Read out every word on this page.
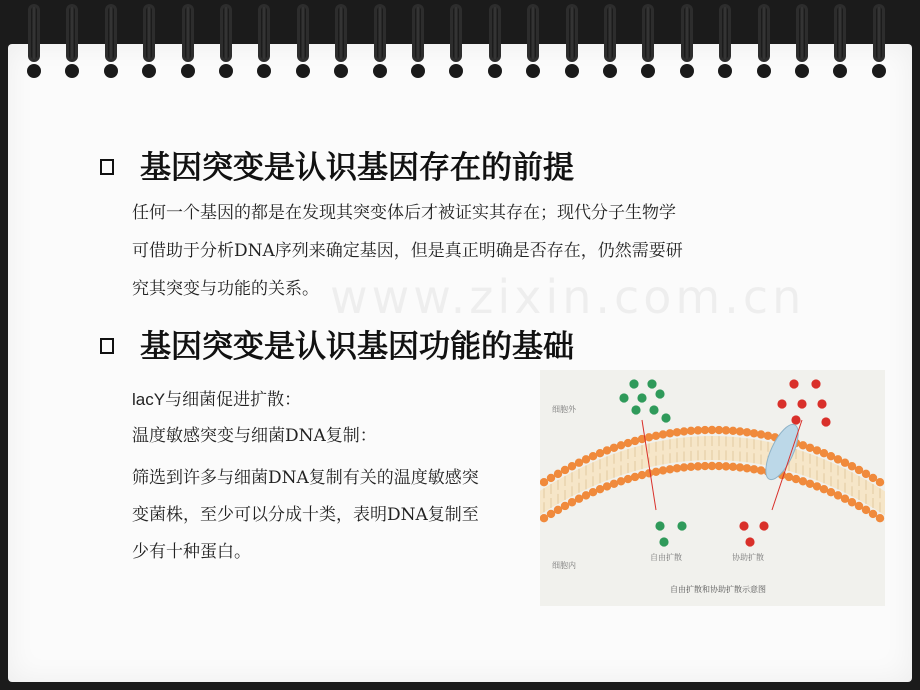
www.zixin.com.cn
基因突变是认识基因存在的前提
任何一个基因的都是在发现其突变体后才被证实其存在；现代分子生物学
可借助于分析DNA序列来确定基因，但是真正明确是否存在，仍然需要研
究其突变与功能的关系。
基因突变是认识基因功能的基础
lacY与细菌促进扩散：
温度敏感突变与细菌DNA复制：
筛选到许多与细菌DNA复制有关的温度敏感突
变菌株，至少可以分成十类，表明DNA复制至
少有十种蛋白。
细胞外
细胞内
自由扩散	协助扩散
自由扩散和协助扩散示意图
